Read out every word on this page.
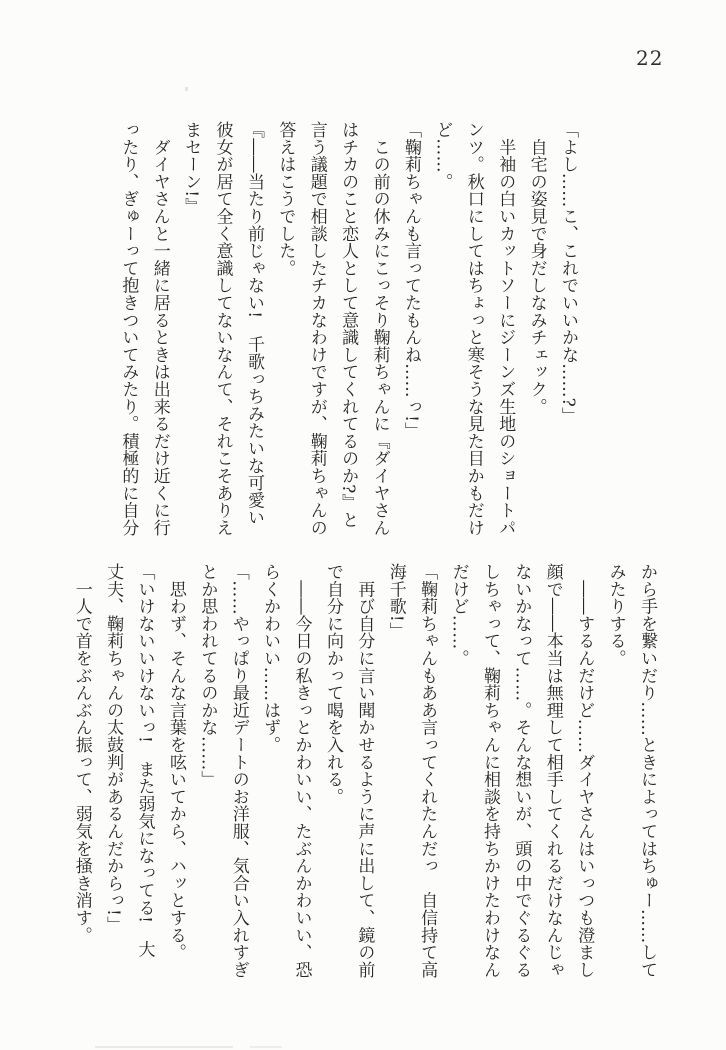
22

「よし……こ、これでいいかな……?」

　自宅の姿見で身だしなみチェック。

　半袖の白いカットソーにジーンズ生地のショートパ

ンツ。秋口にしてはちょっと寒そうな見た目かもだけ

ど……。

「鞠莉ちゃんも言ってたもんね……っ!」

　この前の休みにこっそり鞠莉ちゃんに『ダイヤさん

はチカのこと恋人として意識してくれてるのか?』と

言う議題で相談したチカなわけですが、鞠莉ちゃんの

答えはこうでした。

『――当たり前じゃない!　千歌っちみたいな可愛い

彼女が居て全く意識してないなんて、それこそありえ

まセーン!』

　ダイヤさんと一緒に居るときは出来るだけ近くに行

ったり、ぎゅーって抱きついてみたり。積極的に自分

から手を繋いだり……ときによってはちゅー……して

みたりする。

　――するんだけど……ダイヤさんはいっつも澄まし

顔で――本当は無理して相手してくれるだけなんじゃ

ないかなって……。そんな想いが、頭の中でぐるぐる

しちゃって、鞠莉ちゃんに相談を持ちかけたわけなん

だけど……。

「鞠莉ちゃんもああ言ってくれたんだっ　自信持て高

海千歌!」

　再び自分に言い聞かせるように声に出して、鏡の前

で自分に向かって喝を入れる。

　――今日の私きっとかわいい、たぶんかわいい、恐

らくかわいい……はず。

「……やっぱり最近デートのお洋服、気合い入れすぎ

とか思われてるのかな……」

　思わず、そんな言葉を呟いてから、ハッとする。

「いけないいけないっ!　また弱気になってる!　大

丈夫、鞠莉ちゃんの太鼓判があるんだからっ!」

　一人で首をぶんぶん振って、弱気を掻き消す。
